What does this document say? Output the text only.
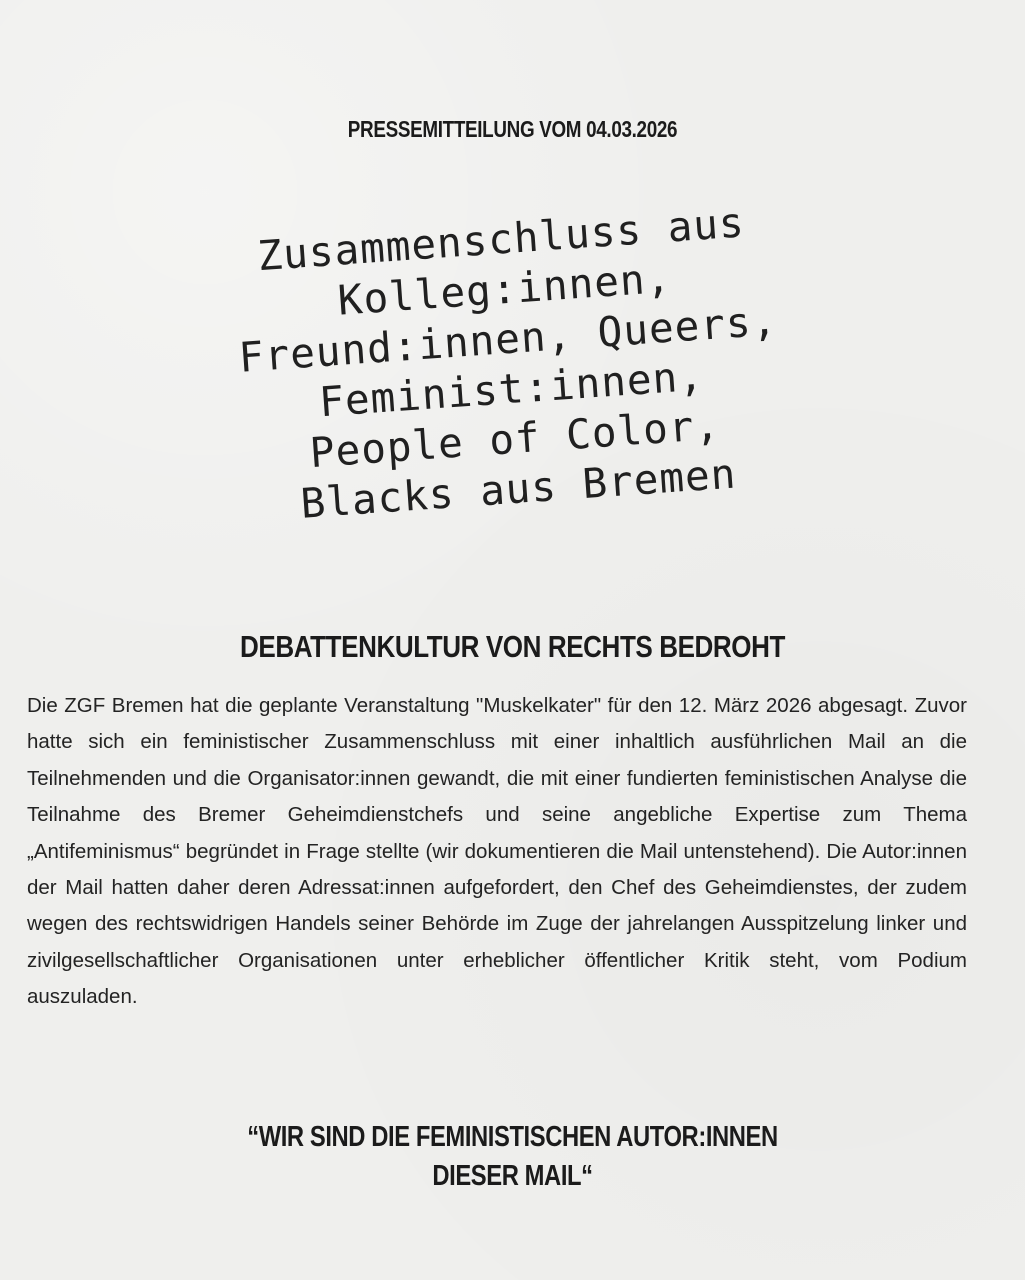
PRESSEMITTEILUNG VOM 04.03.2026
Zusammenschluss aus
Kolleg:innen,
Freund:innen, Queers,
Feminist:innen,
People of Color,
Blacks aus Bremen
DEBATTENKULTUR VON RECHTS BEDROHT

Die ZGF Bremen hat die geplante Veranstaltung "Muskelkater" für den 12. März 2026 abgesagt. Zuvor hatte sich ein feministischer Zusammenschluss mit einer inhaltlich ausführlichen Mail an die Teilnehmenden und die Organisator:innen gewandt, die mit einer fundierten feministischen Analyse die Teilnahme des Bremer Geheimdienstchefs und seine angebliche Expertise zum Thema „Antifeminismus“ begründet in Frage stellte (wir dokumentieren die Mail untenstehend). Die Autor:innen der Mail hatten daher deren Adressat:innen aufgefordert, den Chef des Geheimdienstes, der zudem wegen des rechtswidrigen Handels seiner Behörde im Zuge der jahrelangen Ausspitzelung linker und zivilgesellschaftlicher Organisationen unter erheblicher öffentlicher Kritik steht, vom Podium auszuladen.

“WIR SIND DIE FEMINISTISCHEN AUTOR:INNEN
DIESER MAIL“
